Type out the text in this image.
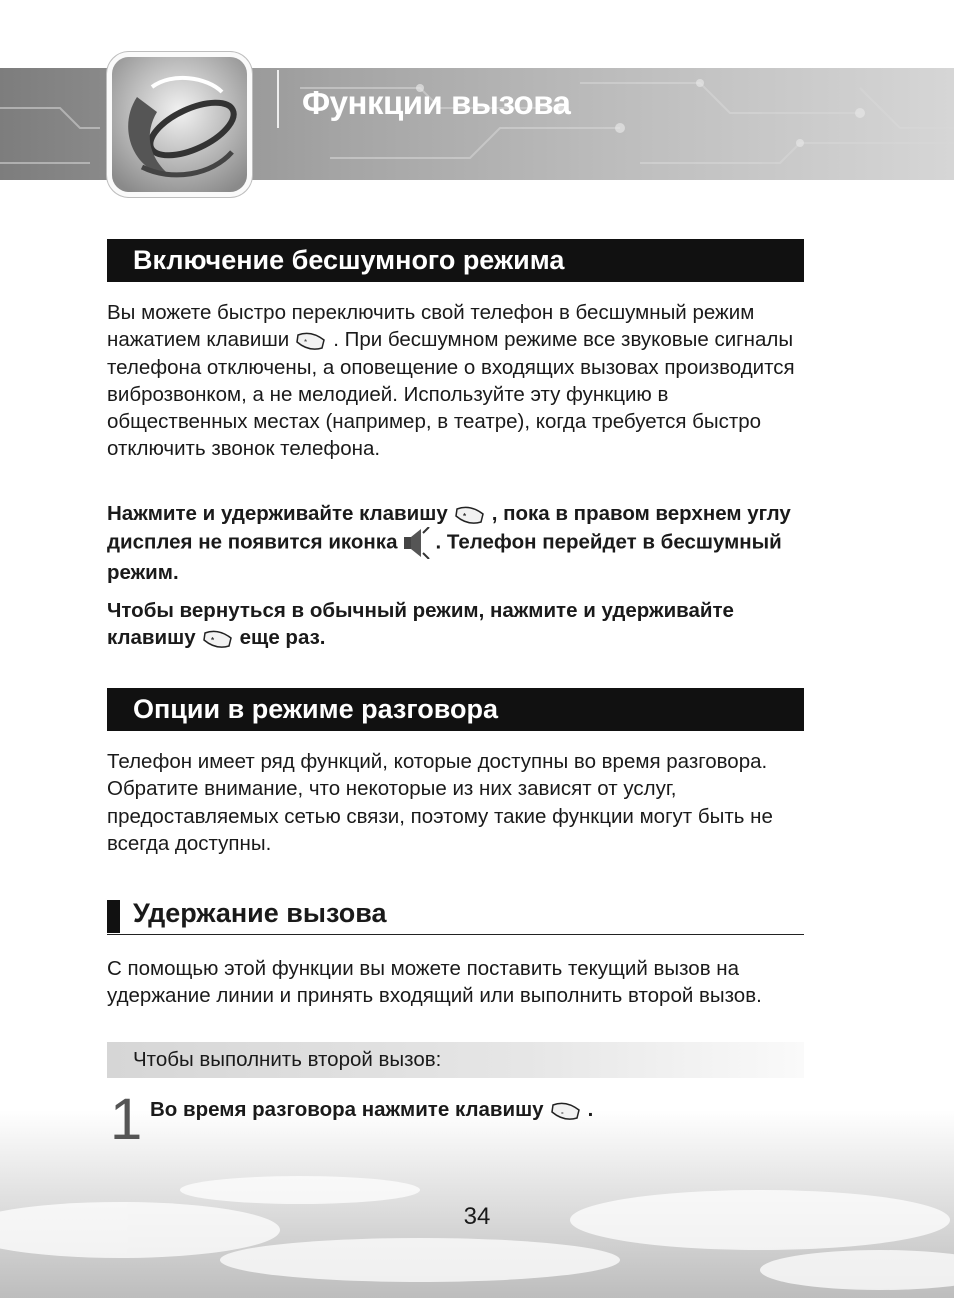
Функции вызова
Включение бесшумного режима

Вы можете быстро переключить свой телефон в бесшумный режим нажатием клавиши * . При бесшумном режиме все звуковые сигналы телефона отключены, а оповещение о входящих вызовах производится виброзвонком, а не мелодией. Используйте эту функцию в общественных местах (например, в театре), когда требуется быстро отключить звонок телефона.

Нажмите и удерживайте клавишу * , пока в правом верхнем углу дисплея не появится иконка . Телефон перейдет в бесшумный режим.

Чтобы вернуться в обычный режим, нажмите и удерживайте клавишу * еще раз.

Опции в режиме разговора

Телефон имеет ряд функций, которые доступны во время разговора. Обратите внимание, что некоторые из них зависят от услуг, предоставляемых сетью связи, поэтому такие функции могут быть не всегда доступны.

Удержание вызова

С помощью этой функции вы можете поставить текущий вызов на удержание линии и принять входящий или выполнить второй вызов.

Чтобы выполнить второй вызов:
1 Во время разговора нажмите клавишу - .
34
